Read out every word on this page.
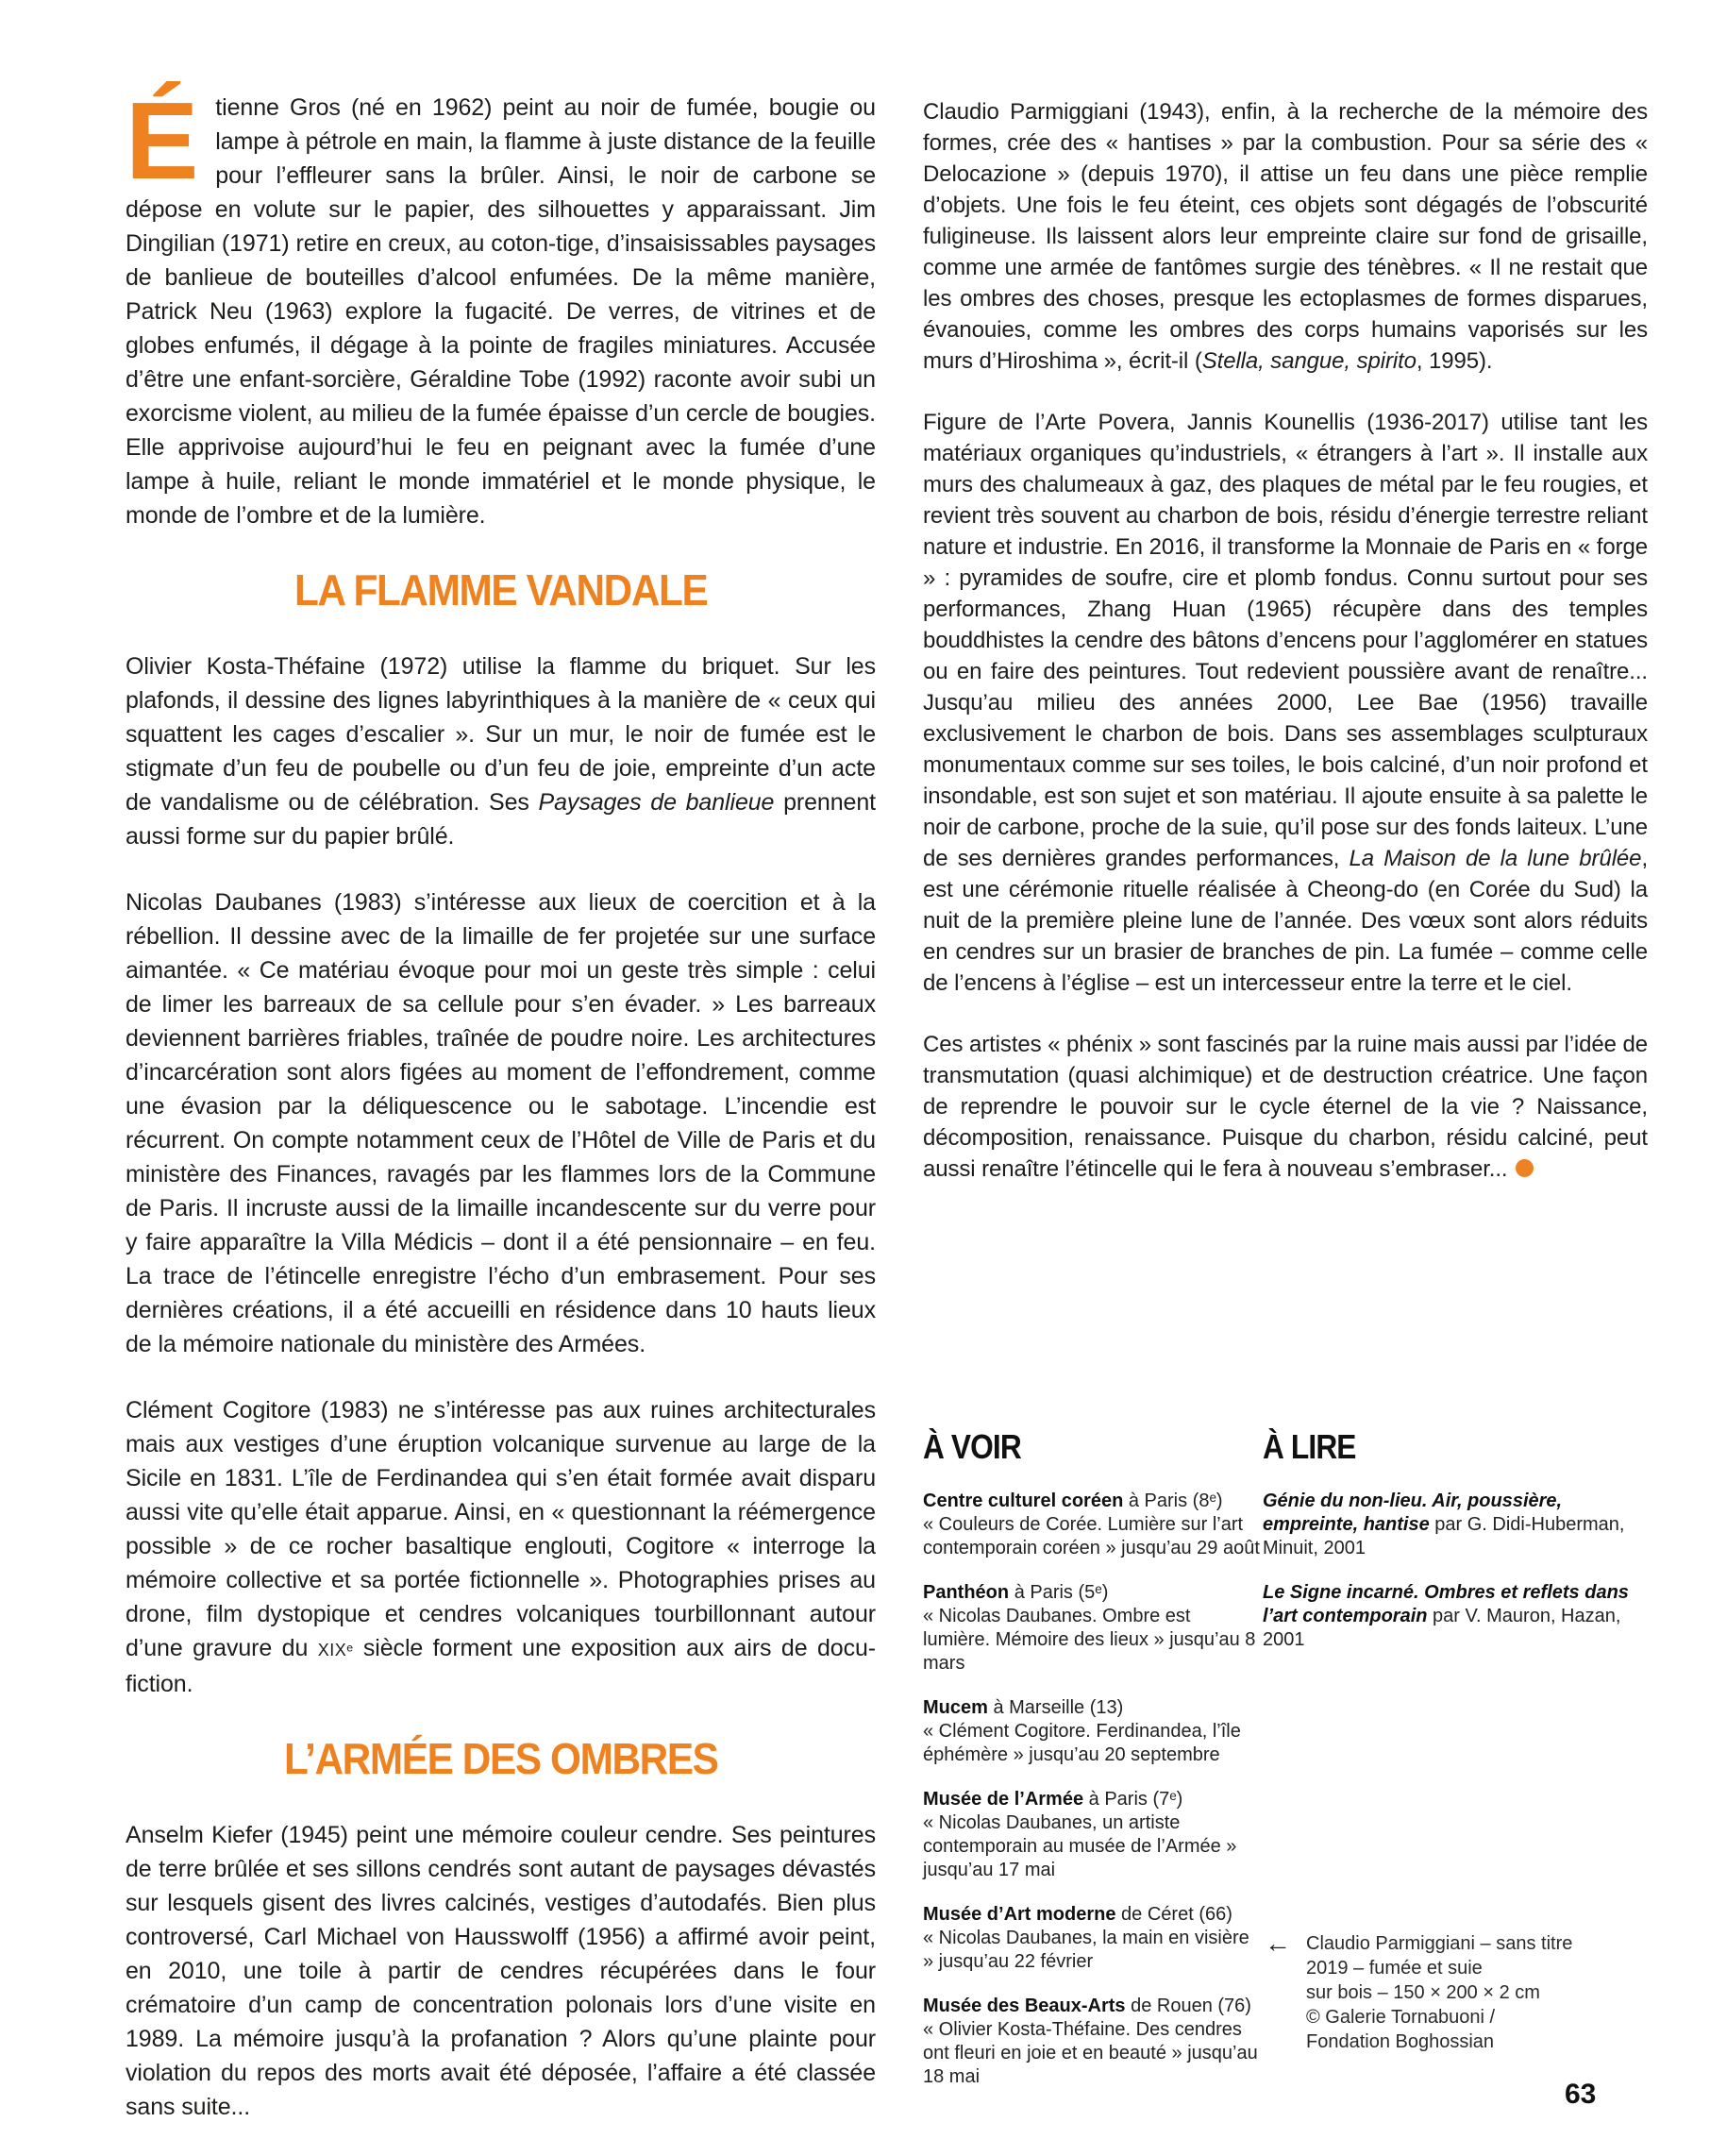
Étienne Gros (né en 1962) peint au noir de fumée, bougie ou lampe à pétrole en main, la flamme à juste distance de la feuille pour l’effleurer sans la brûler. Ainsi, le noir de carbone se dépose en volute sur le papier, des silhouettes y apparaissant. Jim Dingilian (1971) retire en creux, au coton-tige, d’insaisissables paysages de banlieue de bouteilles d’alcool enfumées. De la même manière, Patrick Neu (1963) explore la fugacité. De verres, de vitrines et de globes enfumés, il dégage à la pointe de fragiles miniatures. Accusée d’être une enfant-sorcière, Géraldine Tobe (1992) raconte avoir subi un exorcisme violent, au milieu de la fumée épaisse d’un cercle de bougies. Elle apprivoise aujourd’hui le feu en peignant avec la fumée d’une lampe à huile, reliant le monde immatériel et le monde physique, le monde de l’ombre et de la lumière.

LA FLAMME VANDALE

Olivier Kosta-Théfaine (1972) utilise la flamme du briquet. Sur les plafonds, il dessine des lignes labyrinthiques à la manière de « ceux qui squattent les cages d’escalier ». Sur un mur, le noir de fumée est le stigmate d’un feu de poubelle ou d’un feu de joie, empreinte d’un acte de vandalisme ou de célébration. Ses Paysages de banlieue prennent aussi forme sur du papier brûlé.

Nicolas Daubanes (1983) s’intéresse aux lieux de coercition et à la rébellion. Il dessine avec de la limaille de fer projetée sur une surface aimantée. « Ce matériau évoque pour moi un geste très simple : celui de limer les barreaux de sa cellule pour s’en évader. » Les barreaux deviennent barrières friables, traînée de poudre noire. Les architectures d’incarcération sont alors figées au moment de l’effondrement, comme une évasion par la déliquescence ou le sabotage. L’incendie est récurrent. On compte notamment ceux de l’Hôtel de Ville de Paris et du ministère des Finances, ravagés par les flammes lors de la Commune de Paris. Il incruste aussi de la limaille incandescente sur du verre pour y faire apparaître la Villa Médicis – dont il a été pensionnaire – en feu. La trace de l’étincelle enregistre l’écho d’un embrasement. Pour ses dernières créations, il a été accueilli en résidence dans 10 hauts lieux de la mémoire nationale du ministère des Armées.

Clément Cogitore (1983) ne s’intéresse pas aux ruines architecturales mais aux vestiges d’une éruption volcanique survenue au large de la Sicile en 1831. L’île de Ferdinandea qui s’en était formée avait disparu aussi vite qu’elle était apparue. Ainsi, en « questionnant la réémergence possible » de ce rocher basaltique englouti, Cogitore « interroge la mémoire collective et sa portée fictionnelle ». Photographies prises au drone, film dystopique et cendres volcaniques tourbillonnant autour d’une gravure du XIXᵉ siècle forment une exposition aux airs de docu-fiction.

L’ARMÉE DES OMBRES

Anselm Kiefer (1945) peint une mémoire couleur cendre. Ses peintures de terre brûlée et ses sillons cendrés sont autant de paysages dévastés sur lesquels gisent des livres calcinés, vestiges d’autodafés. Bien plus controversé, Carl Michael von Hausswolff (1956) a affirmé avoir peint, en 2010, une toile à partir de cendres récupérées dans le four crématoire d’un camp de concentration polonais lors d’une visite en 1989. La mémoire jusqu’à la profanation ? Alors qu’une plainte pour violation du repos des morts avait été déposée, l’affaire a été classée sans suite...

Claudio Parmiggiani (1943), enfin, à la recherche de la mémoire des formes, crée des « hantises » par la combustion. Pour sa série des « Delocazione » (depuis 1970), il attise un feu dans une pièce remplie d’objets. Une fois le feu éteint, ces objets sont dégagés de l’obscurité fuligineuse. Ils laissent alors leur empreinte claire sur fond de grisaille, comme une armée de fantômes surgie des ténèbres. « Il ne restait que les ombres des choses, presque les ectoplasmes de formes disparues, évanouies, comme les ombres des corps humains vaporisés sur les murs d’Hiroshima », écrit-il (Stella, sangue, spirito, 1995).

Figure de l’Arte Povera, Jannis Kounellis (1936-2017) utilise tant les matériaux organiques qu’industriels, « étrangers à l’art ». Il installe aux murs des chalumeaux à gaz, des plaques de métal par le feu rougies, et revient très souvent au charbon de bois, résidu d’énergie terrestre reliant nature et industrie. En 2016, il transforme la Monnaie de Paris en « forge » : pyramides de soufre, cire et plomb fondus. Connu surtout pour ses performances, Zhang Huan (1965) récupère dans des temples bouddhistes la cendre des bâtons d’encens pour l’agglomérer en statues ou en faire des peintures. Tout redevient poussière avant de renaître... Jusqu’au milieu des années 2000, Lee Bae (1956) travaille exclusivement le charbon de bois. Dans ses assemblages sculpturaux monumentaux comme sur ses toiles, le bois calciné, d’un noir profond et insondable, est son sujet et son matériau. Il ajoute ensuite à sa palette le noir de carbone, proche de la suie, qu’il pose sur des fonds laiteux. L’une de ses dernières grandes performances, La Maison de la lune brûlée, est une cérémonie rituelle réalisée à Cheong-do (en Corée du Sud) la nuit de la première pleine lune de l’année. Des vœux sont alors réduits en cendres sur un brasier de branches de pin. La fumée – comme celle de l’encens à l’église – est un intercesseur entre la terre et le ciel.

Ces artistes « phénix » sont fascinés par la ruine mais aussi par l’idée de transmutation (quasi alchimique) et de destruction créatrice. Une façon de reprendre le pouvoir sur le cycle éternel de la vie ? Naissance, décomposition, renaissance. Puisque du charbon, résidu calciné, peut aussi renaître l’étincelle qui le fera à nouveau s’embraser...

À VOIR

Centre culturel coréen à Paris (8ᵉ)
« Couleurs de Corée. Lumière sur l’art contemporain coréen » jusqu’au 29 août

Panthéon à Paris (5ᵉ)
« Nicolas Daubanes. Ombre est lumière. Mémoire des lieux » jusqu’au 8 mars

Mucem à Marseille (13)
« Clément Cogitore. Ferdinandea, l’île éphémère » jusqu’au 20 septembre

Musée de l’Armée à Paris (7ᵉ)
« Nicolas Daubanes, un artiste contemporain au musée de l’Armée » jusqu’au 17 mai

Musée d’Art moderne de Céret (66)
« Nicolas Daubanes, la main en visière » jusqu’au 22 février

Musée des Beaux-Arts de Rouen (76)
« Olivier Kosta-Théfaine. Des cendres ont fleuri en joie et en beauté » jusqu’au 18 mai

À LIRE

Génie du non-lieu. Air, poussière, empreinte, hantise par G. Didi-Huberman, Minuit, 2001

Le Signe incarné. Ombres et reflets dans l’art contemporain par V. Mauron, Hazan, 2001

← Claudio Parmiggiani – sans titre
2019 – fumée et suie
sur bois – 150 × 200 × 2 cm
© Galerie Tornabuoni /
Fondation Boghossian
63
